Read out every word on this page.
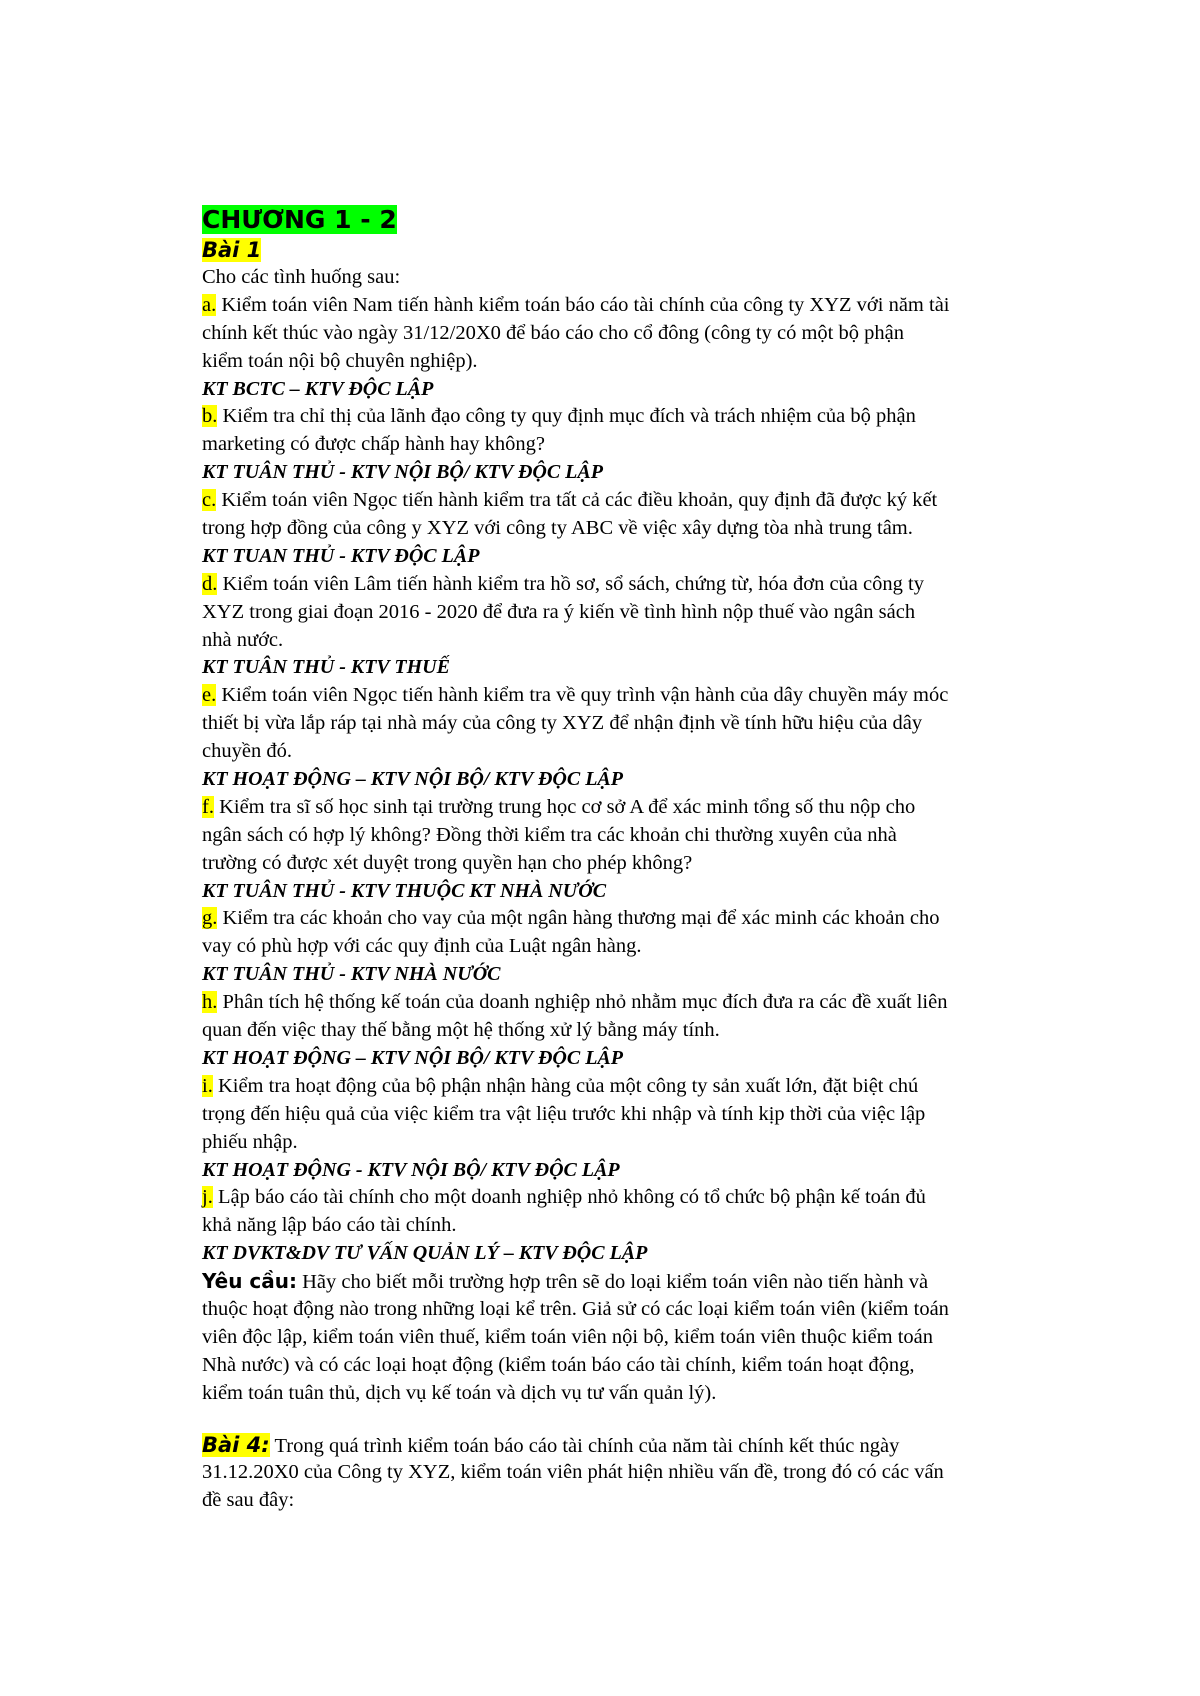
CHƯƠNG 1 - 2
Bài 1
Cho các tình huống sau:
a. Kiểm toán viên Nam tiến hành kiểm toán báo cáo tài chính của công ty XYZ với năm tài
chính kết thúc vào ngày 31/12/20X0 để báo cáo cho cổ đông (công ty có một bộ phận
kiểm toán nội bộ chuyên nghiệp).
KT BCTC – KTV ĐỘC LẬP
b. Kiểm tra chỉ thị của lãnh đạo công ty quy định mục đích và trách nhiệm của bộ phận
marketing có được chấp hành hay không?
KT TUÂN THỦ - KTV NỘI BỘ/ KTV ĐỘC LẬP
c. Kiểm toán viên Ngọc tiến hành kiểm tra tất cả các điều khoản, quy định đã được ký kết
trong hợp đồng của công y XYZ với công ty ABC về việc xây dựng tòa nhà trung tâm.
KT TUAN THỦ - KTV ĐỘC LẬP
d. Kiểm toán viên Lâm tiến hành kiểm tra hồ sơ, sổ sách, chứng từ, hóa đơn của công ty
XYZ trong giai đoạn 2016 - 2020 để đưa ra ý kiến về tình hình nộp thuế vào ngân sách
nhà nước.
KT TUÂN THỦ - KTV THUẾ
e. Kiểm toán viên Ngọc tiến hành kiểm tra về quy trình vận hành của dây chuyền máy móc
thiết bị vừa lắp ráp tại nhà máy của công ty XYZ để nhận định về tính hữu hiệu của dây
chuyền đó.
KT HOẠT ĐỘNG – KTV NỘI BỘ/ KTV ĐỘC LẬP
f. Kiểm tra sĩ số học sinh tại trường trung học cơ sở A để xác minh tổng số thu nộp cho
ngân sách có hợp lý không? Đồng thời kiểm tra các khoản chi thường xuyên của nhà
trường có được xét duyệt trong quyền hạn cho phép không?
KT TUÂN THỦ - KTV THUỘC KT NHÀ NƯỚC
g. Kiểm tra các khoản cho vay của một ngân hàng thương mại để xác minh các khoản cho
vay có phù hợp với các quy định của Luật ngân hàng.
KT TUÂN THỦ - KTV NHÀ NƯỚC
h. Phân tích hệ thống kế toán của doanh nghiệp nhỏ nhằm mục đích đưa ra các đề xuất liên
quan đến việc thay thế bằng một hệ thống xử lý bằng máy tính.
KT HOẠT ĐỘNG – KTV NỘI BỘ/ KTV ĐỘC LẬP
i. Kiểm tra hoạt động của bộ phận nhận hàng của một công ty sản xuất lớn, đặt biệt chú
trọng đến hiệu quả của việc kiểm tra vật liệu trước khi nhập và tính kịp thời của việc lập
phiếu nhập.
KT HOẠT ĐỘNG - KTV NỘI BỘ/ KTV ĐỘC LẬP
j. Lập báo cáo tài chính cho một doanh nghiệp nhỏ không có tổ chức bộ phận kế toán đủ
khả năng lập báo cáo tài chính.
KT DVKT&DV TƯ VẤN QUẢN LÝ – KTV ĐỘC LẬP
Yêu cầu: Hãy cho biết mỗi trường hợp trên sẽ do loại kiểm toán viên nào tiến hành và
thuộc hoạt động nào trong những loại kể trên. Giả sử có các loại kiểm toán viên (kiểm toán
viên độc lập, kiểm toán viên thuế, kiểm toán viên nội bộ, kiểm toán viên thuộc kiểm toán
Nhà nước) và có các loại hoạt động (kiểm toán báo cáo tài chính, kiểm toán hoạt động,
kiểm toán tuân thủ, dịch vụ kế toán và dịch vụ tư vấn quản lý).
Bài 4: Trong quá trình kiểm toán báo cáo tài chính của năm tài chính kết thúc ngày
31.12.20X0 của Công ty XYZ, kiểm toán viên phát hiện nhiều vấn đề, trong đó có các vấn
đề sau đây:
